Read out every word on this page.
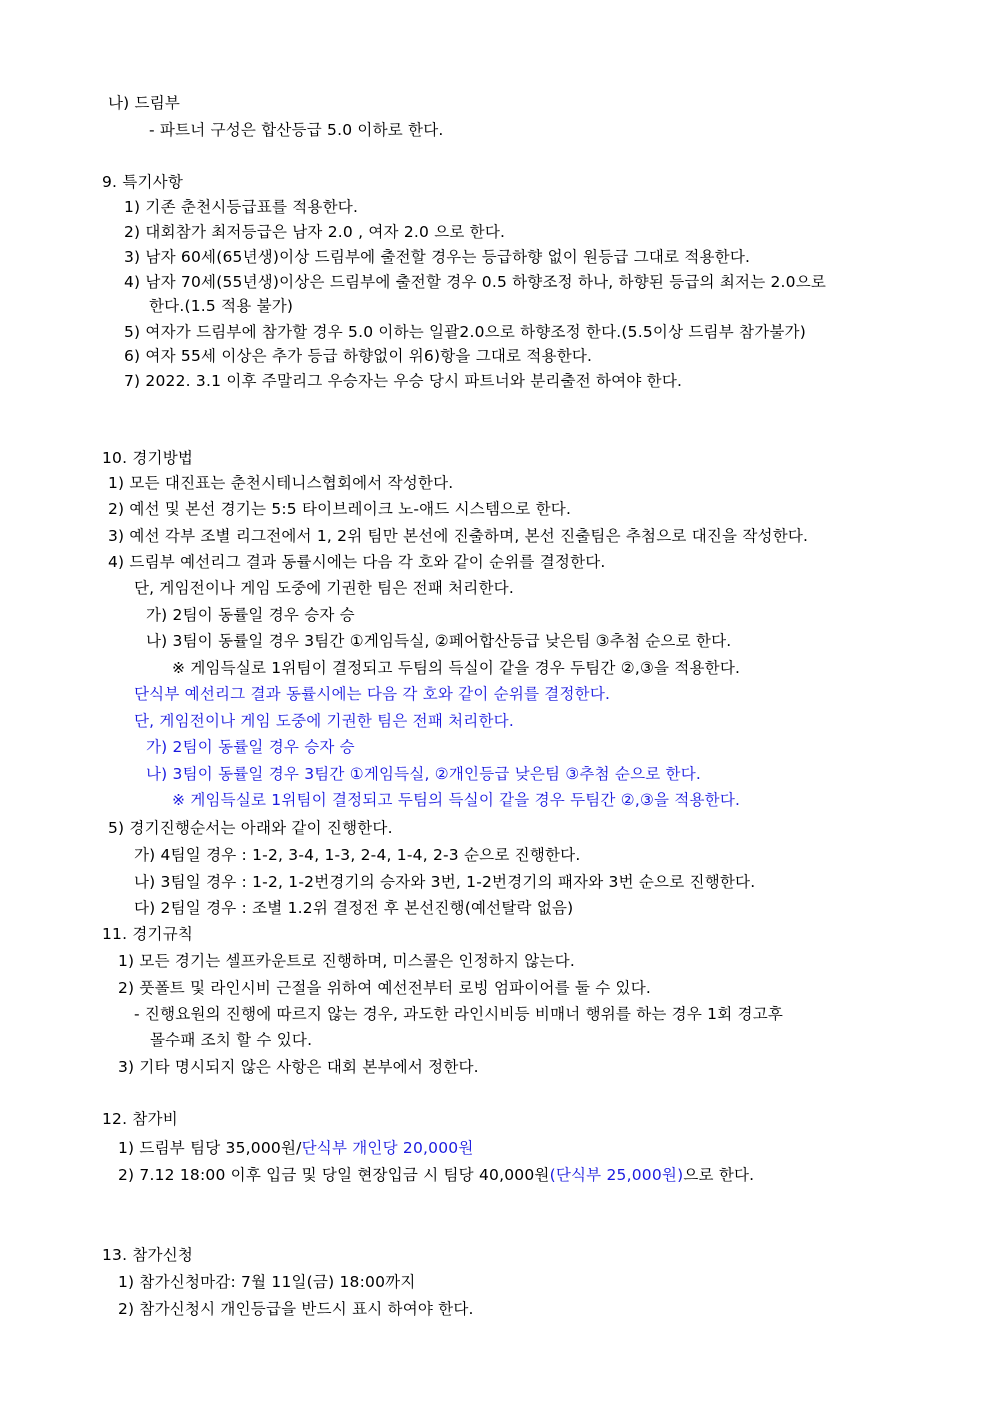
나) 드림부
- 파트너 구성은 합산등급 5.0 이하로 한다.
9. 특기사항
1) 기존 춘천시등급표를 적용한다.
2) 대회참가 최저등급은 남자 2.0 , 여자 2.0 으로 한다.
3) 남자 60세(65년생)이상 드림부에 출전할 경우는 등급하향 없이 원등급 그대로 적용한다.
4) 남자 70세(55년생)이상은 드림부에 출전할 경우 0.5 하향조정 하나, 하향된 등급의 최저는 2.0으로
한다.(1.5 적용 불가)
5) 여자가 드림부에 참가할 경우 5.0 이하는 일괄2.0으로 하향조정 한다.(5.5이상 드림부 참가불가)
6) 여자 55세 이상은 추가 등급 하향없이 위6)항을 그대로 적용한다.
7) 2022. 3.1 이후 주말리그 우승자는 우승 당시 파트너와 분리출전 하여야 한다.
10. 경기방법
1) 모든 대진표는 춘천시테니스협회에서 작성한다.
2) 예선 및 본선 경기는 5:5 타이브레이크 노-애드 시스템으로 한다.
3) 예선 각부 조별 리그전에서 1, 2위 팀만 본선에 진출하며, 본선 진출팀은 추첨으로 대진을 작성한다.
4) 드림부 예선리그 결과 동률시에는 다음 각 호와 같이 순위를 결정한다.
단, 게임전이나 게임 도중에 기권한 팀은 전패 처리한다.
가) 2팀이 동률일 경우 승자 승
나) 3팀이 동률일 경우 3팀간 ①게임득실, ②페어합산등급 낮은팀 ③추첨 순으로 한다.
※ 게임득실로 1위팀이 결정되고 두팀의 득실이 같을 경우 두팀간 ②,③을 적용한다.
단식부 예선리그 결과 동률시에는 다음 각 호와 같이 순위를 결정한다.
단, 게임전이나 게임 도중에 기권한 팀은 전패 처리한다.
가) 2팀이 동률일 경우 승자 승
나) 3팀이 동률일 경우 3팀간 ①게임득실, ②개인등급 낮은팀 ③추첨 순으로 한다.
※ 게임득실로 1위팀이 결정되고 두팀의 득실이 같을 경우 두팀간 ②,③을 적용한다.
5) 경기진행순서는 아래와 같이 진행한다.
가) 4팀일 경우 : 1-2, 3-4, 1-3, 2-4, 1-4, 2-3 순으로 진행한다.
나) 3팀일 경우 : 1-2, 1-2번경기의 승자와 3번, 1-2번경기의 패자와 3번 순으로 진행한다.
다) 2팀일 경우 : 조별 1.2위 결정전 후 본선진행(예선탈락 없음)
11. 경기규칙
1) 모든 경기는 셀프카운트로 진행하며, 미스콜은 인정하지 않는다.
2) 풋폴트 및 라인시비 근절을 위하여 예선전부터 로빙 엄파이어를 둘 수 있다.
- 진행요원의 진행에 따르지 않는 경우, 과도한 라인시비등 비매너 행위를 하는 경우 1회 경고후
몰수패 조치 할 수 있다.
3) 기타 명시되지 않은 사항은 대회 본부에서 정한다.
12. 참가비
1) 드림부 팀당 35,000원/단식부 개인당 20,000원
2) 7.12 18:00 이후 입금 및 당일 현장입금 시 팀당 40,000원(단식부 25,000원)으로 한다.
13. 참가신청
1) 참가신청마감: 7월 11일(금) 18:00까지
2) 참가신청시 개인등급을 반드시 표시 하여야 한다.
